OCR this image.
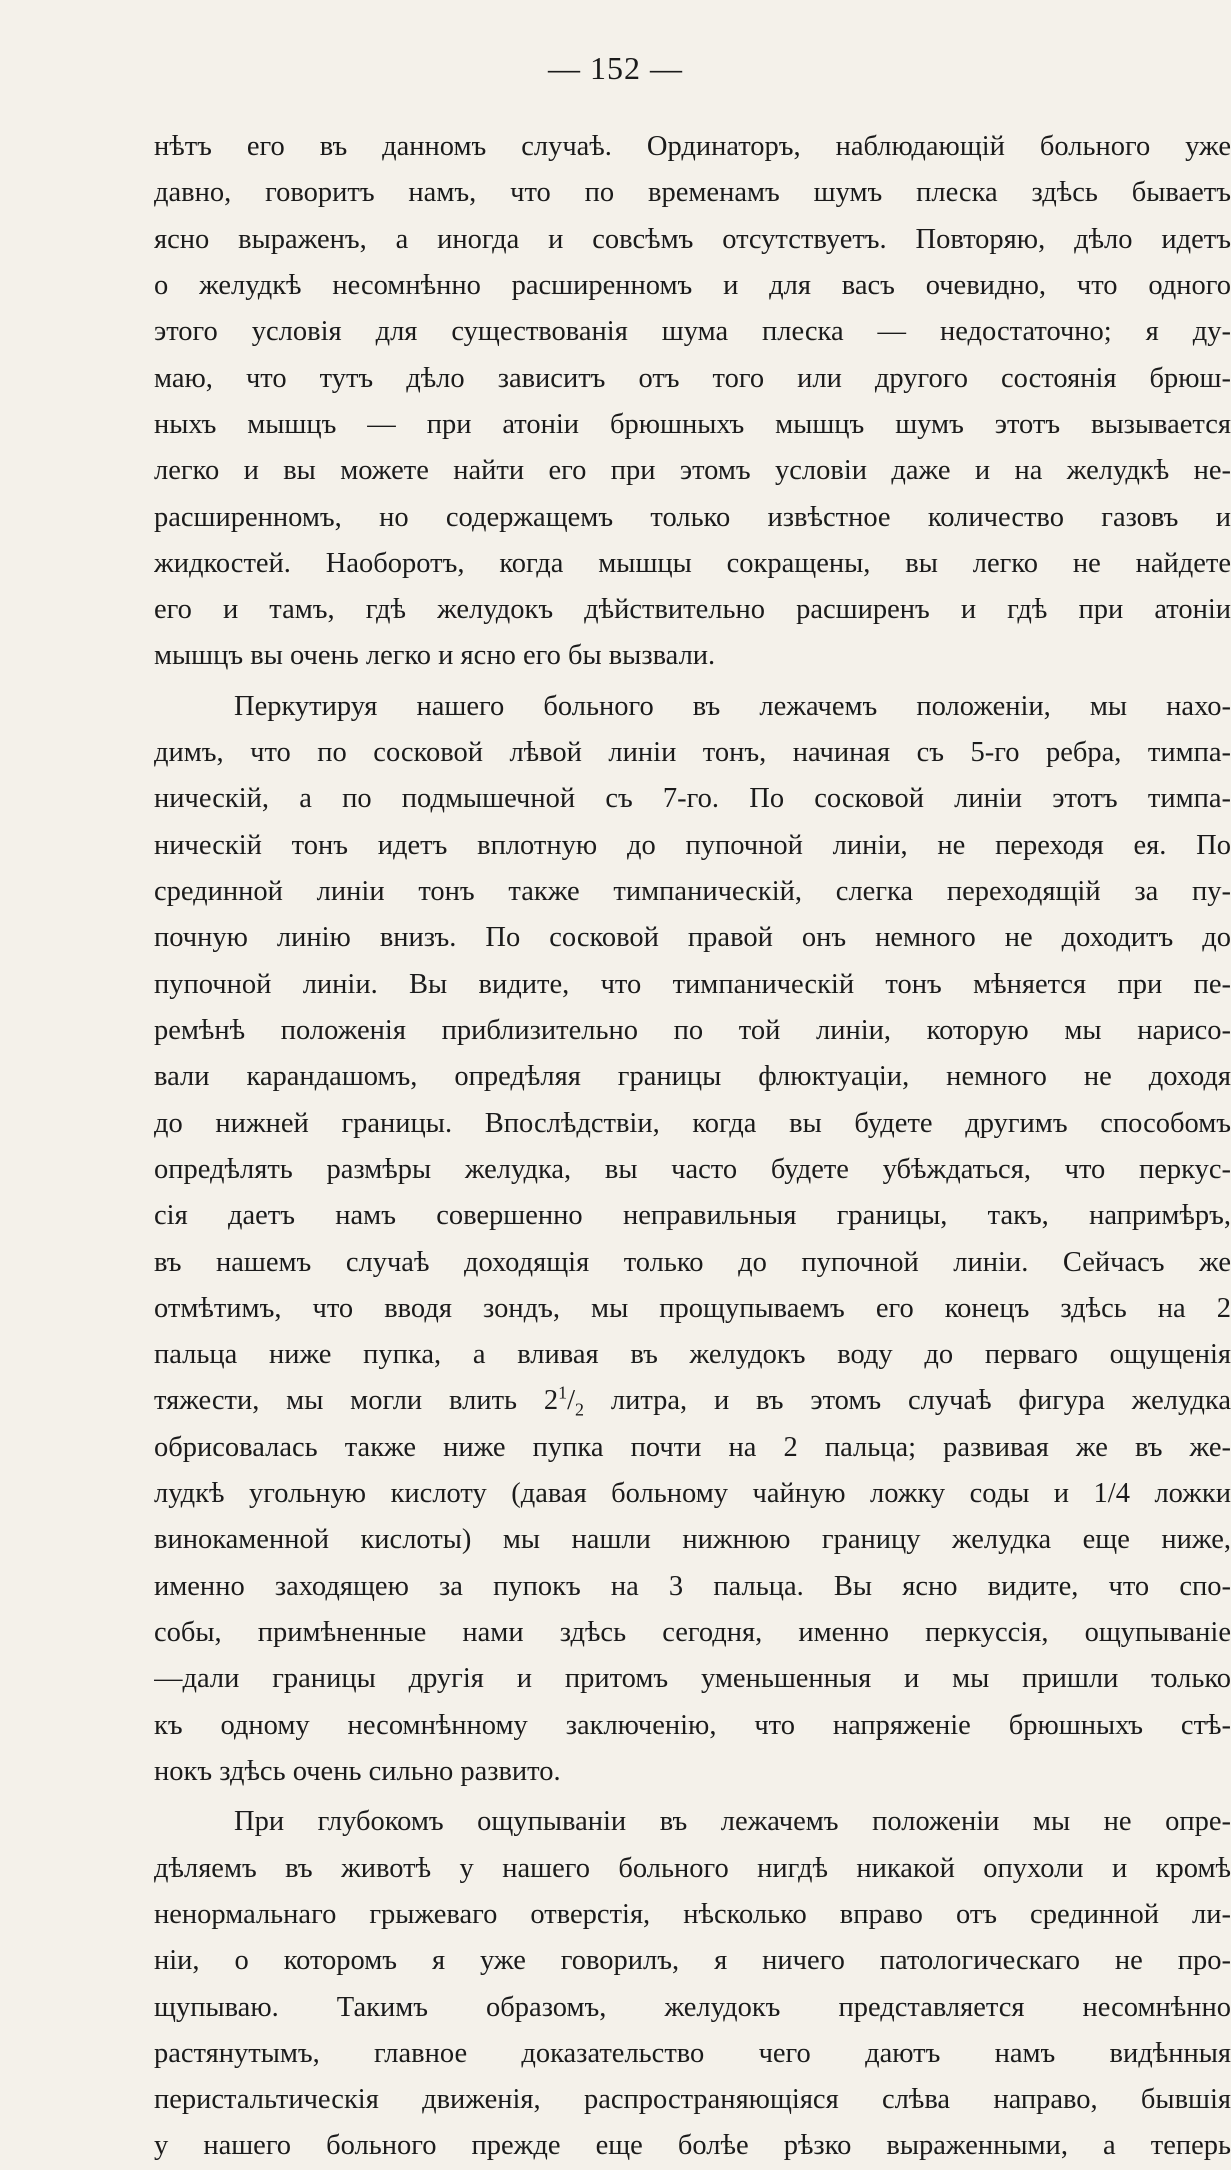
— 152 —
нѣтъ его въ данномъ случаѣ. Ординаторъ, наблюдающій больного уже
давно, говоритъ намъ, что по временамъ шумъ плеска здѣсь бываетъ
ясно выраженъ, а иногда и совсѣмъ отсутствуетъ. Повторяю, дѣло идетъ
о желудкѣ несомнѣнно расширенномъ и для васъ очевидно, что одного
этого условія для существованія шума плеска — недостаточно; я ду-
маю, что тутъ дѣло зависитъ отъ того или другого состоянія брюш-
ныхъ мышцъ — при атоніи брюшныхъ мышцъ шумъ этотъ вызывается
легко и вы можете найти его при этомъ условіи даже и на желудкѣ не-
расширенномъ, но содержащемъ только извѣстное количество газовъ и
жидкостей. Наоборотъ, когда мышцы сокращены, вы легко не найдете
его и тамъ, гдѣ желудокъ дѣйствительно расширенъ и гдѣ при атоніи
мышцъ вы очень легко и ясно его бы вызвали.
Перкутируя нашего больного въ лежачемъ положеніи, мы нахо-
димъ, что по сосковой лѣвой линіи тонъ, начиная съ 5-го ребра, тимпа-
ническій, а по подмышечной съ 7-го. По сосковой линіи этотъ тимпа-
ническій тонъ идетъ вплотную до пупочной линіи, не переходя ея. По
срединной линіи тонъ также тимпаническій, слегка переходящій за пу-
почную линію внизъ. По сосковой правой онъ немного не доходитъ до
пупочной линіи. Вы видите, что тимпаническій тонъ мѣняется при пе-
ремѣнѣ положенія приблизительно по той линіи, которую мы нарисо-
вали карандашомъ, опредѣляя границы флюктуаціи, немного не доходя
до нижней границы. Впослѣдствіи, когда вы будете другимъ способомъ
опредѣлять размѣры желудка, вы часто будете убѣждаться, что перкус-
сія даетъ намъ совершенно неправильныя границы, такъ, напримѣръ,
въ нашемъ случаѣ доходящія только до пупочной линіи. Сейчасъ же
отмѣтимъ, что вводя зондъ, мы прощупываемъ его конецъ здѣсь на 2
пальца ниже пупка, а вливая въ желудокъ воду до перваго ощущенія
тяжести, мы могли влить $2^1/_2$ литра, и въ этомъ случаѣ фигура желудка
обрисовалась также ниже пупка почти на 2 пальца; развивая же въ же-
лудкѣ угольную кислоту (давая больному чайную ложку соды и 1/4 ложки
винокаменной кислоты) мы нашли нижнюю границу желудка еще ниже,
именно заходящею за пупокъ на 3 пальца. Вы ясно видите, что спо-
собы, примѣненные нами здѣсь сегодня, именно перкуссія, ощупываніе
—дали границы другія и притомъ уменьшенныя и мы пришли только
къ одному несомнѣнному заключенію, что напряженіе брюшныхъ стѣ-
нокъ здѣсь очень сильно развито.
При глубокомъ ощупываніи въ лежачемъ положеніи мы не опре-
дѣляемъ въ животѣ у нашего больного нигдѣ никакой опухоли и кромѣ
ненормальнаго грыжеваго отверстія, нѣсколько вправо отъ срединной ли-
ніи, о которомъ я уже говорилъ, я ничего патологическаго не про-
щупываю. Такимъ образомъ, желудокъ представляется несомнѣнно
растянутымъ, главное доказательство чего даютъ намъ видѣнныя
перистальтическія движенія, распространяющіяся слѣва направо, бывшія
у нашего больного прежде еще болѣе рѣзко выраженными, а теперь
